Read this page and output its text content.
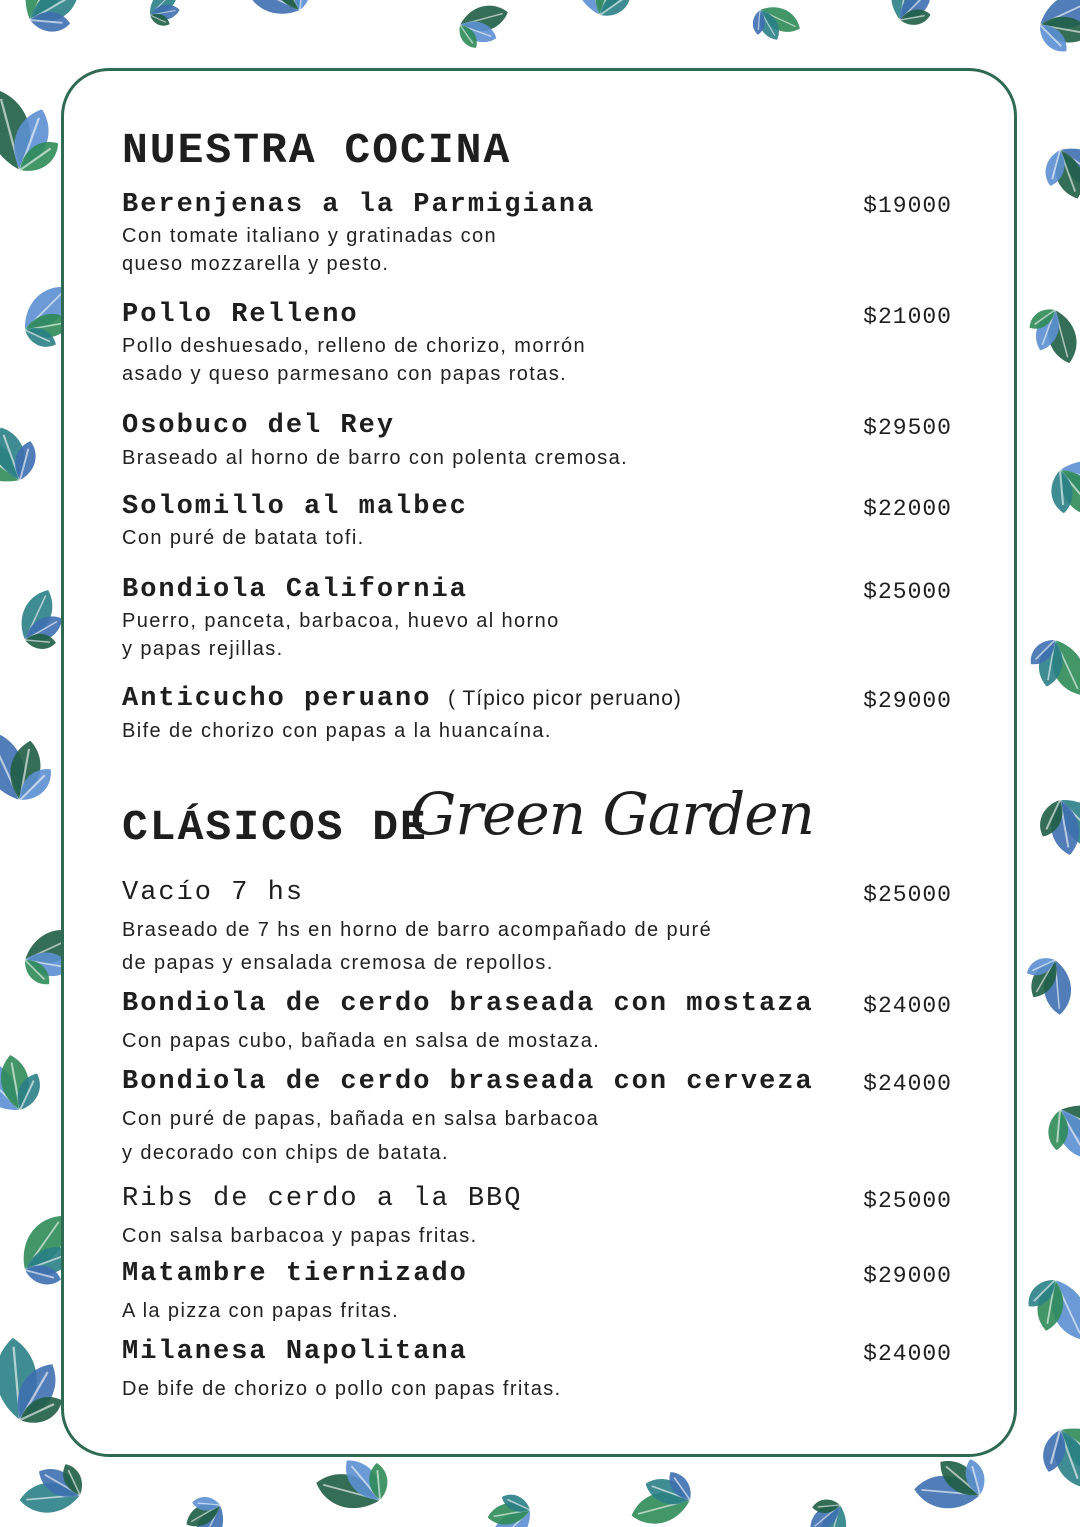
NUESTRA COCINA
Berenjenas a la Parmigiana	$19000
Con tomate italiano y gratinadas con
queso mozzarella y pesto.
Pollo Relleno	$21000
Pollo deshuesado, relleno de chorizo, morrón
asado y queso parmesano con papas rotas.
Osobuco del Rey	$29500
Braseado al horno de barro con polenta cremosa.
Solomillo al malbec	$22000
Con puré de batata tofi.
Bondiola California	$25000
Puerro, panceta, barbacoa, huevo al horno
y papas rejillas.
Anticucho peruano ( Típico picor peruano)	$29000
Bife de chorizo con papas a la huancaína.
CLÁSICOS DE
Green Garden
Vacío 7 hs	$25000
Braseado de 7 hs en horno de barro acompañado de puré
de papas y ensalada cremosa de repollos.
Bondiola de cerdo braseada con mostaza	$24000
Con papas cubo, bañada en salsa de mostaza.
Bondiola de cerdo braseada con cerveza	$24000
Con puré de papas, bañada en salsa barbacoa
y decorado con chips de batata.
Ribs de cerdo a la BBQ	$25000
Con salsa barbacoa y papas fritas.
Matambre tiernizado	$29000
A la pizza con papas fritas.
Milanesa Napolitana	$24000
De bife de chorizo o pollo con papas fritas.
